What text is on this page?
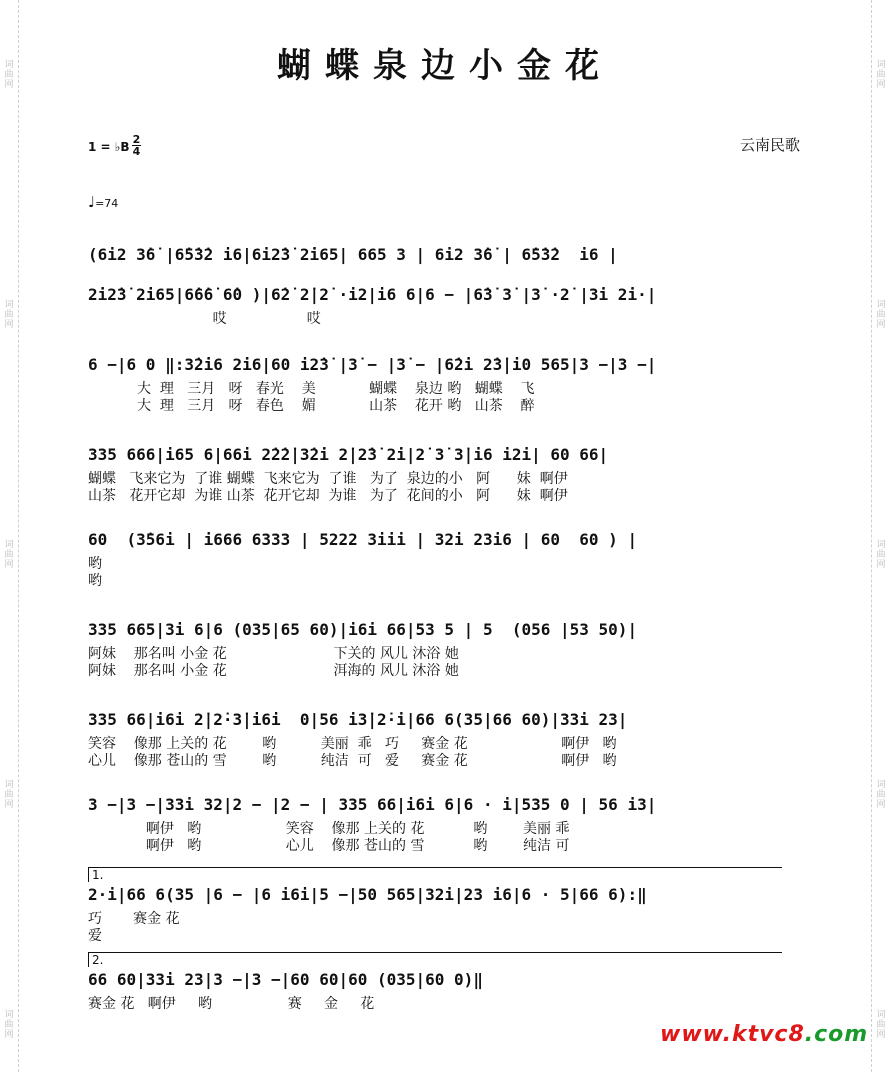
词曲网
词曲网
词曲网
词曲网
词曲网
词曲网
词曲网
词曲网
词曲网
词曲网
蝴蝶泉边小金花
1 = ♭B
2
4	云南民歌
♩=74
(6i2 3̇6̇ |6̇5̇3̇2 i6|6i2̇3̇ 2̇i65| 665 3 | 6i2 3̇6̇ | 6̇5̇3̇2  i6 |
2̇i2̇3̇ 2̇i65|6̇6̇6̇ 6̇0 )|6̇2̇ 2̇|2̇ ·i2|i6 6|6 − |6̇3̇ 3̇ |3̇ ·2̇ |3̇i 2̇i·|
哎                  哎
6 −|6 0 ‖:3̇2̇i6 2̇i6|60 i2̇3̇ |3̇ − |3̇ − |6̇2̇i 2̇3̇|i0 565|3 −|3 −|
大  理   三月   呀   春光    美            蝴蝶    泉边 哟   蝴蝶    飞
大  理   三月   呀   春色    媚            山茶    花开 哟   山茶    醉
335 666|i65 6|66i 2̇2̇2̇|3̇2̇i 2̇|2̇3̇ 2̇i|2̇ 3̇ 3̇|i6 i2i| 60 66|
蝴蝶   飞来它为  了谁 蝴蝶  飞来它为  了谁   为了  泉边的小   阿      妹  啊伊
山茶   花开它却  为谁 山茶  花开它却  为谁   为了  花间的小   阿      妹  啊伊
60  (3̇56i | i666 6333 | 5222 3iii | 32i 23i6 | 60  60 ) |
哟
哟
335 665|3i 6|6 (035|65 60)|i6i 66|53 5 | 5  (056 |53 50)|
阿妹    那名叫 小金 花                        下关的 风儿 沐浴 她
阿妹    那名叫 小金 花                        洱海的 风儿 沐浴 她
335 66|i6i 2̇|2̇·3̇|i6i  0|56 i3̇|2̇·i|66 6(35|66 60)|33i 23|
笑容    像那 上关的 花        哟          美丽  乖   巧     赛金 花                     啊伊   哟
心儿    像那 苍山的 雪        哟          纯洁  可   爱     赛金 花                     啊伊   哟
3 −|3 −|33i 32|2 − |2 − | 335 66|i6i 6|6 · i|535 0 | 56 i3|
啊伊   哟                   笑容    像那 上关的 花           哟        美丽 乖
啊伊   哟                   心儿    像那 苍山的 雪           哟        纯洁 可
1.
2·i|66 6(35 |6 − |6 i6i|5 −|50 565|32i|23 i6|6 · 5|66 6):‖
巧       赛金 花
爱
2.
66 60|33i 23|3 −|3 −|60 60|60 (035|60 0)‖
赛金 花   啊伊     哟                 赛     金     花
www.ktvc8.com
